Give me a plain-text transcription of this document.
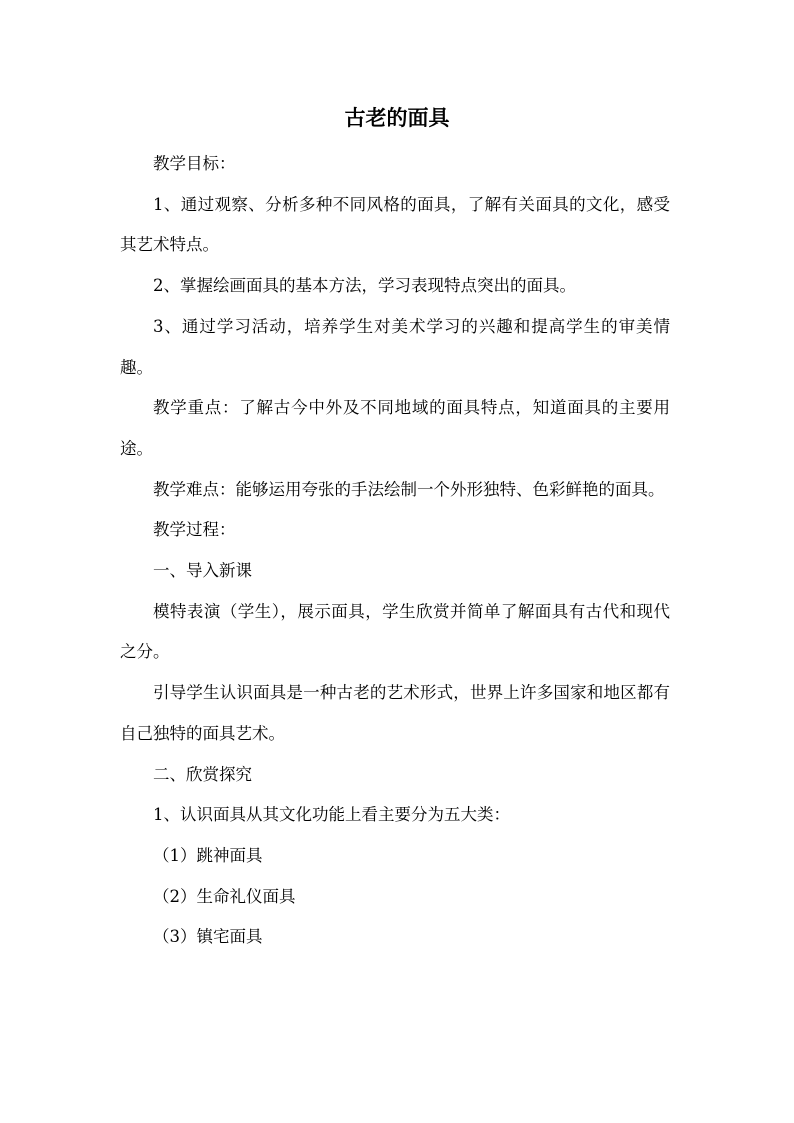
古老的面具

教学目标：

1、通过观察、分析多种不同风格的面具，了解有关面具的文化，感受其艺术特点。

2、掌握绘画面具的基本方法，学习表现特点突出的面具。

3、通过学习活动，培养学生对美术学习的兴趣和提高学生的审美情趣。

教学重点：了解古今中外及不同地域的面具特点，知道面具的主要用途。

教学难点：能够运用夸张的手法绘制一个外形独特、色彩鲜艳的面具。

教学过程：

一、导入新课

模特表演（学生），展示面具，学生欣赏并简单了解面具有古代和现代之分。

引导学生认识面具是一种古老的艺术形式，世界上许多国家和地区都有自己独特的面具艺术。

二、欣赏探究

1、认识面具从其文化功能上看主要分为五大类：

（1）跳神面具

（2）生命礼仪面具

（3）镇宅面具
